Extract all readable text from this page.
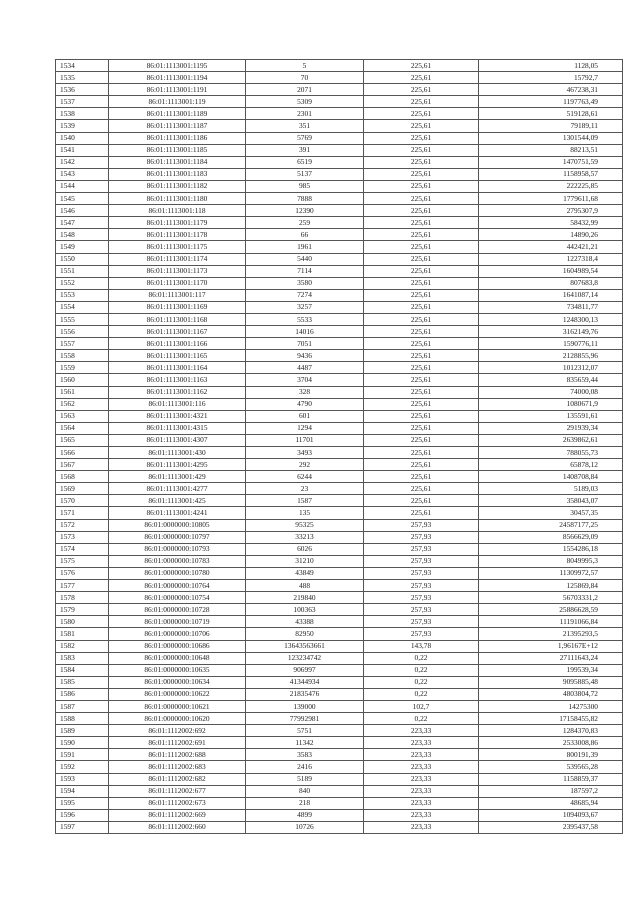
1534	86:01:1113001:1195	5	225,61	1128,05
1535	86:01:1113001:1194	70	225,61	15792,7
1536	86:01:1113001:1191	2071	225,61	467238,31
1537	86:01:1113001:119	5309	225,61	1197763,49
1538	86:01:1113001:1189	2301	225,61	519128,61
1539	86:01:1113001:1187	351	225,61	79189,11
1540	86:01:1113001:1186	5769	225,61	1301544,09
1541	86:01:1113001:1185	391	225,61	88213,51
1542	86:01:1113001:1184	6519	225,61	1470751,59
1543	86:01:1113001:1183	5137	225,61	1158958,57
1544	86:01:1113001:1182	985	225,61	222225,85
1545	86:01:1113001:1180	7888	225,61	1779611,68
1546	86:01:1113001:118	12390	225,61	2795307,9
1547	86:01:1113001:1179	259	225,61	58432,99
1548	86:01:1113001:1178	66	225,61	14890,26
1549	86:01:1113001:1175	1961	225,61	442421,21
1550	86:01:1113001:1174	5440	225,61	1227318,4
1551	86:01:1113001:1173	7114	225,61	1604989,54
1552	86:01:1113001:1170	3580	225,61	807683,8
1553	86:01:1113001:117	7274	225,61	1641087,14
1554	86:01:1113001:1169	3257	225,61	734811,77
1555	86:01:1113001:1168	5533	225,61	1248300,13
1556	86:01:1113001:1167	14016	225,61	3162149,76
1557	86:01:1113001:1166	7051	225,61	1590776,11
1558	86:01:1113001:1165	9436	225,61	2128855,96
1559	86:01:1113001:1164	4487	225,61	1012312,07
1560	86:01:1113001:1163	3704	225,61	835659,44
1561	86:01:1113001:1162	328	225,61	74000,08
1562	86:01:1113001:116	4790	225,61	1080671,9
1563	86:01:1113001:4321	601	225,61	135591,61
1564	86:01:1113001:4315	1294	225,61	291939,34
1565	86:01:1113001:4307	11701	225,61	2639862,61
1566	86:01:1113001:430	3493	225,61	788055,73
1567	86:01:1113001:4295	292	225,61	65878,12
1568	86:01:1113001:429	6244	225,61	1408708,84
1569	86:01:1113001:4277	23	225,61	5189,03
1570	86:01:1113001:425	1587	225,61	358043,07
1571	86:01:1113001:4241	135	225,61	30457,35
1572	86:01:0000000:10805	95325	257,93	24587177,25
1573	86:01:0000000:10797	33213	257,93	8566629,09
1574	86:01:0000000:10793	6026	257,93	1554286,18
1575	86:01:0000000:10783	31210	257,93	8049995,3
1576	86:01:0000000:10780	43849	257,93	11309972,57
1577	86:01:0000000:10764	488	257,93	125869,84
1578	86:01:0000000:10754	219840	257,93	56703331,2
1579	86:01:0000000:10728	100363	257,93	25886628,59
1580	86:01:0000000:10719	43388	257,93	11191066,84
1581	86:01:0000000:10706	82950	257,93	21395293,5
1582	86:01:0000000:10686	13643563661	143,78	1,96167E+12
1583	86:01:0000000:10648	123234742	0,22	27111643,24
1584	86:01:0000000:10635	906997	0,22	199539,34
1585	86:01:0000000:10634	41344934	0,22	9095885,48
1586	86:01:0000000:10622	21835476	0,22	4803804,72
1587	86:01:0000000:10621	139000	102,7	14275300
1588	86:01:0000000:10620	77992981	0,22	17158455,82
1589	86:01:1112002:692	5751	223,33	1284370,83
1590	86:01:1112002:691	11342	223,33	2533008,86
1591	86:01:1112002:688	3583	223,33	800191,39
1592	86:01:1112002:683	2416	223,33	539565,28
1593	86:01:1112002:682	5189	223,33	1158859,37
1594	86:01:1112002:677	840	223,33	187597,2
1595	86:01:1112002:673	218	223,33	48685,94
1596	86:01:1112002:669	4899	223,33	1094093,67
1597	86:01:1112002:660	10726	223,33	2395437,58
